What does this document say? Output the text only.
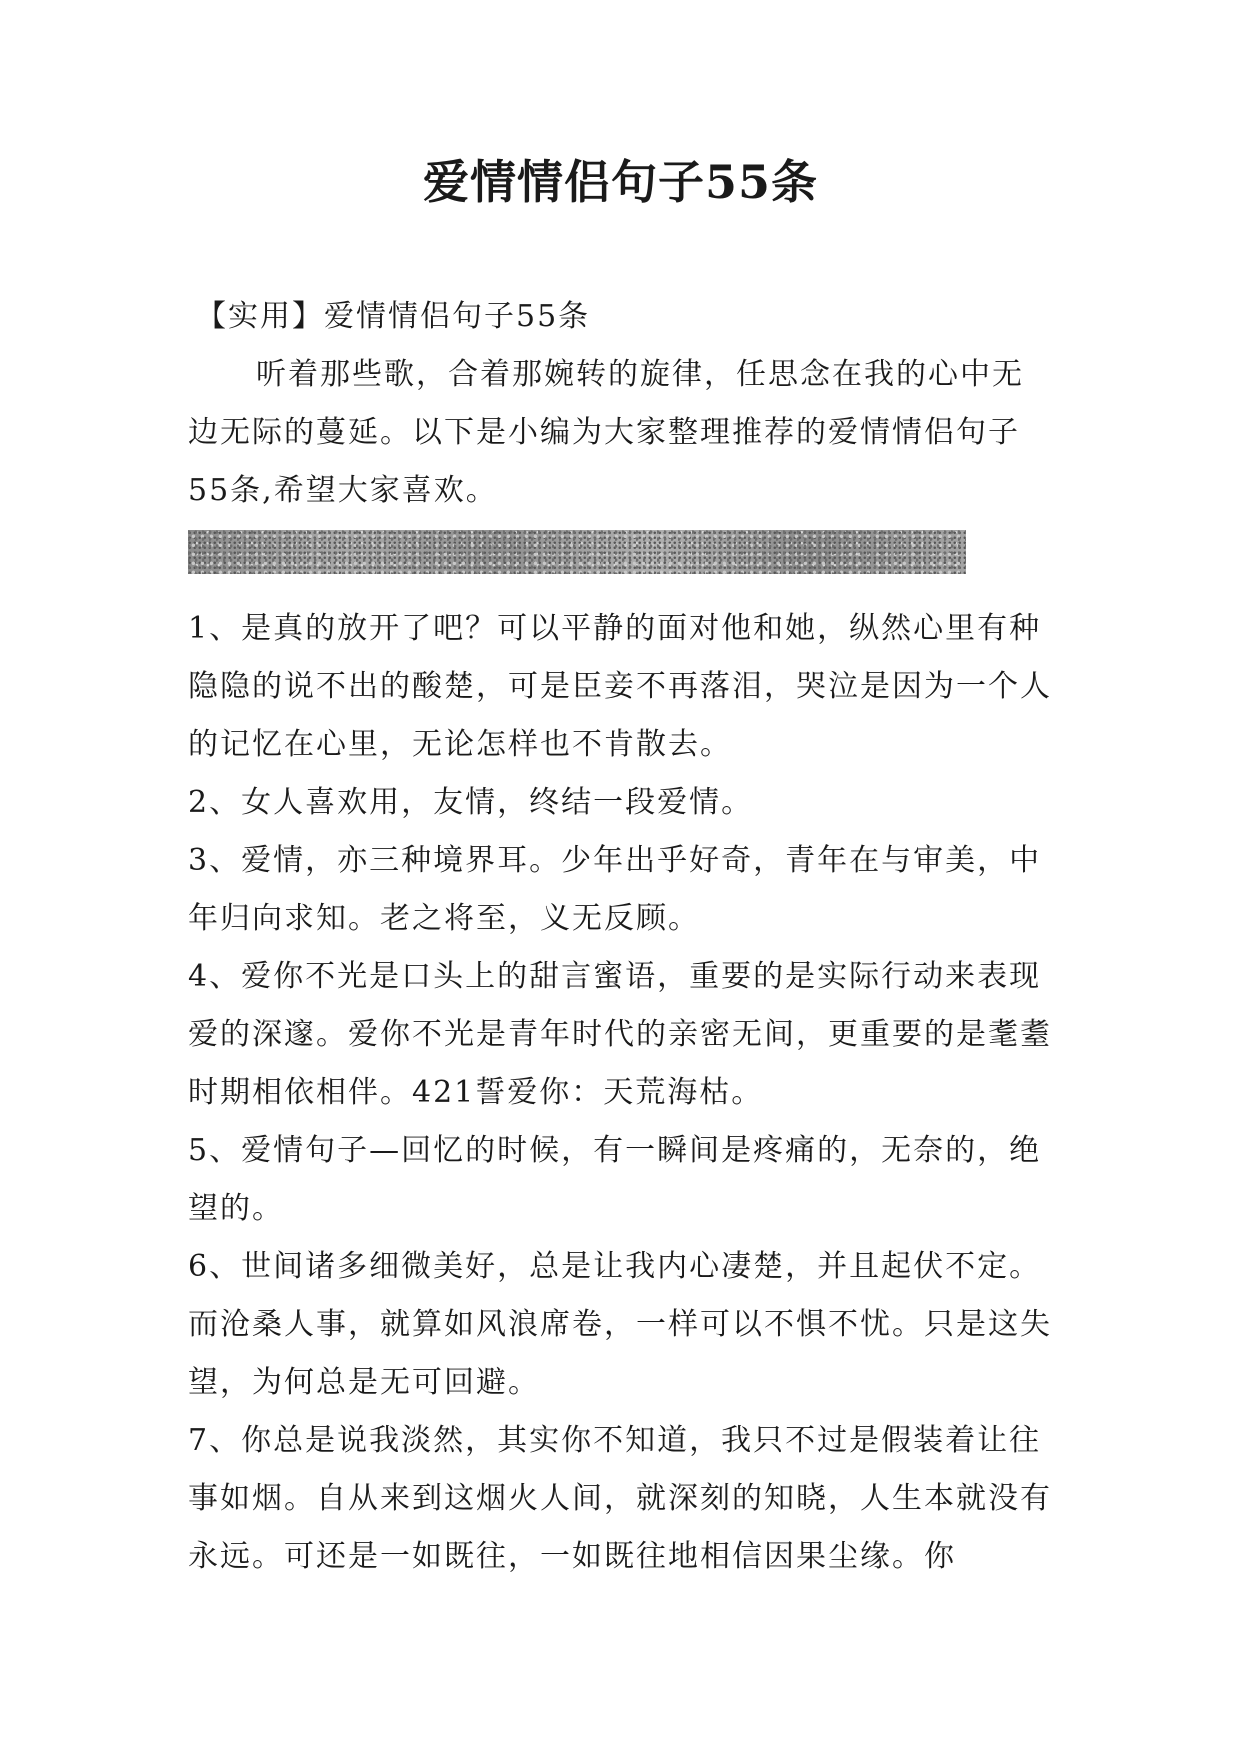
爱情情侣句子55条

【实用】爱情情侣句子55条

听着那些歌，合着那婉转的旋律，任思念在我的心中无边无际的蔓延。以下是小编为大家整理推荐的爱情情侣句子55条,希望大家喜欢。

1、是真的放开了吧？可以平静的面对他和她，纵然心里有种隐隐的说不出的酸楚，可是臣妾不再落泪，哭泣是因为一个人的记忆在心里，无论怎样也不肯散去。

2、女人喜欢用，友情，终结一段爱情。

3、爱情，亦三种境界耳。少年出乎好奇，青年在与审美，中年归向求知。老之将至，义无反顾。

4、爱你不光是口头上的甜言蜜语，重要的是实际行动来表现爱的深邃。爱你不光是青年时代的亲密无间，更重要的是耄耋时期相依相伴。421誓爱你：天荒海枯。

5、爱情句子—回忆的时候，有一瞬间是疼痛的，无奈的，绝望的。

6、世间诸多细微美好，总是让我内心凄楚，并且起伏不定。而沧桑人事，就算如风浪席卷，一样可以不惧不忧。只是这失望，为何总是无可回避。

7、你总是说我淡然，其实你不知道，我只不过是假装着让往事如烟。自从来到这烟火人间，就深刻的知晓，人生本就没有永远。可还是一如既往，一如既往地相信因果尘缘。你
